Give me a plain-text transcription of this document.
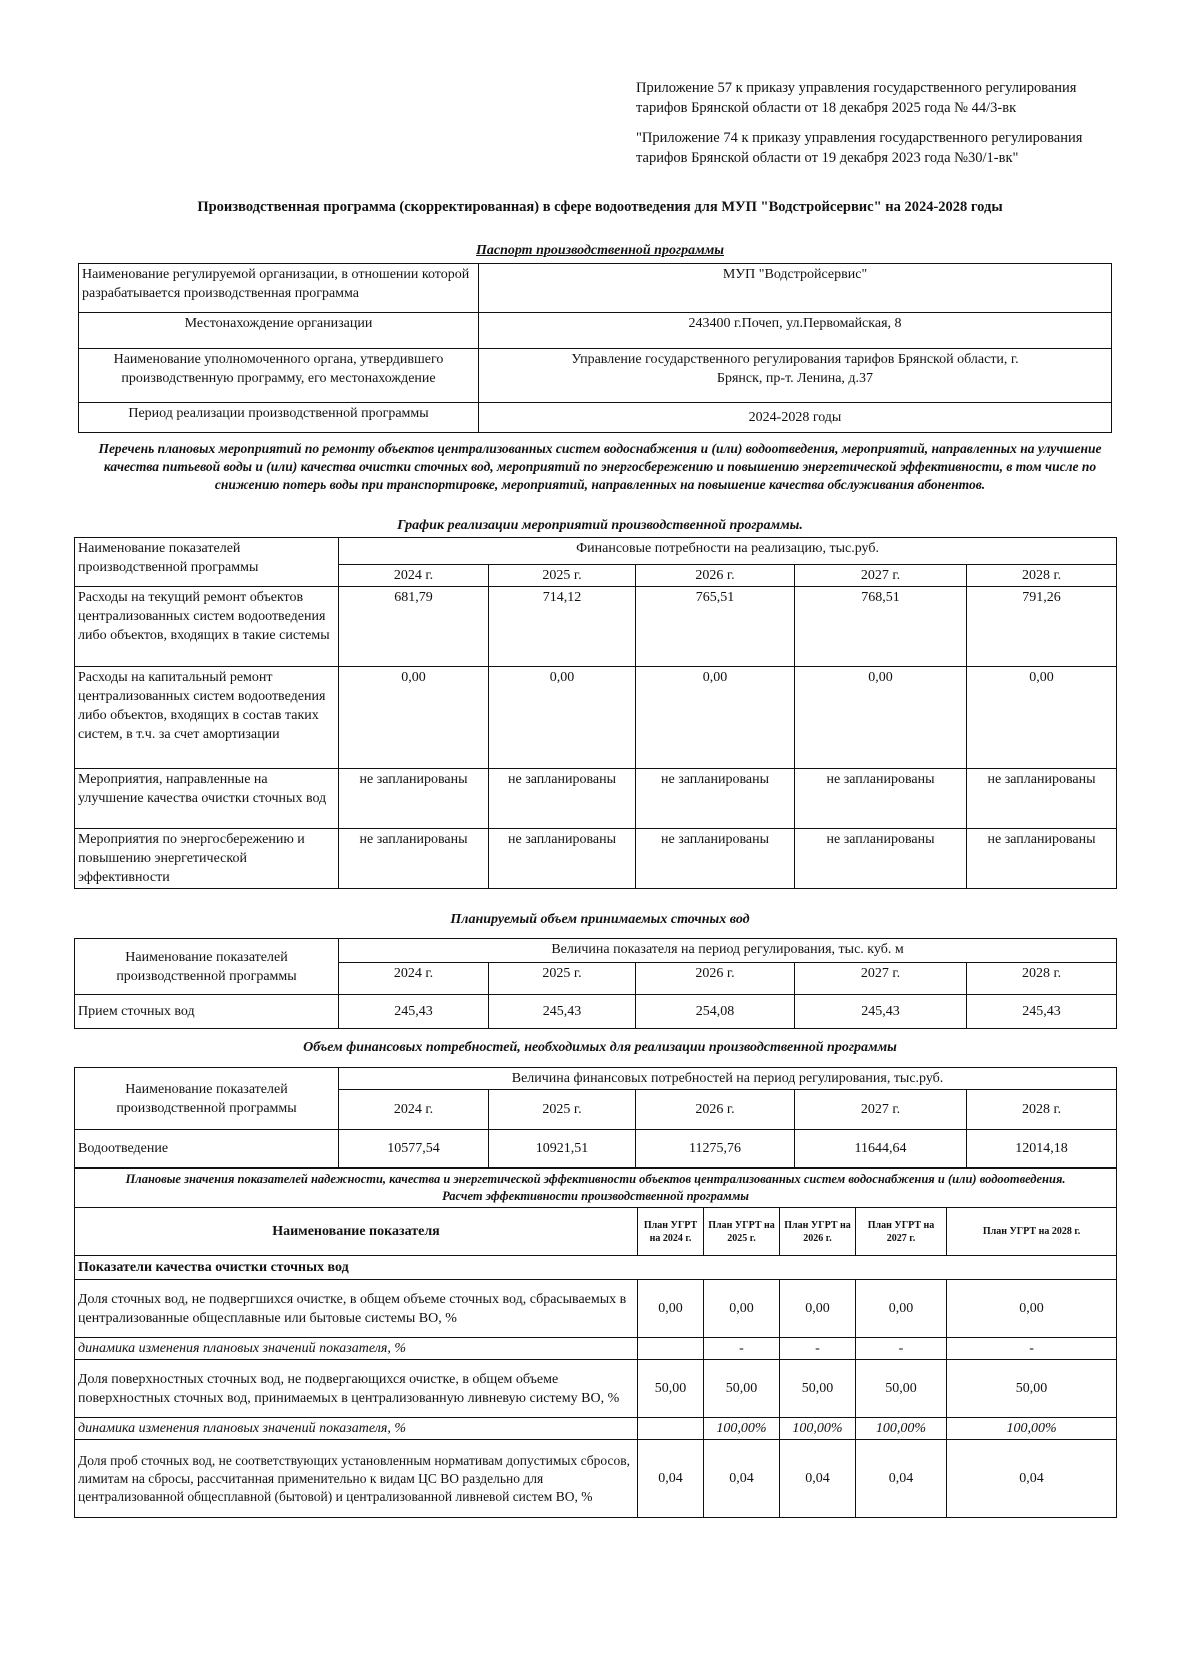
Приложение 57 к приказу управления государственного регулирования тарифов Брянской области от 18 декабря 2025 года № 44/3-вк
"Приложение 74 к приказу управления государственного регулирования тарифов Брянской области от 19 декабря 2023 года №30/1-вк"
Производственная программа (скорректированная) в сфере водоотведения для МУП "Водстройсервис" на 2024-2028 годы
Паспорт производственной программы
Наименование регулируемой организации, в отношении которой разрабатывается производственная программа	МУП "Водстройсервис"
Местонахождение организации	243400 г.Почеп, ул.Первомайская, 8
Наименование уполномоченного органа, утвердившего производственную программу, его местонахождение	Управление государственного регулирования тарифов Брянской области, г. Брянск, пр-т. Ленина, д.37
Период реализации производственной программы	2024-2028 годы
Перечень плановых мероприятий по ремонту объектов централизованных систем водоснабжения и (или) водоотведения, мероприятий, направленных на улучшение качества питьевой воды и (или) качества очистки сточных вод, мероприятий по энергосбережению и повышению энергетической эффективности, в том числе по снижению потерь воды при транспортировке, мероприятий, направленных на повышение качества обслуживания абонентов.
График реализации мероприятий производственной программы.
Наименование показателей производственной программы	Финансовые потребности на реализацию, тыс.руб.				
	2024 г.	2025 г.	2026 г.	2027 г.	2028 г.
Расходы на текущий ремонт объектов централизованных систем водоотведения либо объектов, входящих в такие системы	681,79	714,12	765,51	768,51	791,26
Расходы на капитальный ремонт централизованных систем водоотведения либо объектов, входящих в состав таких систем, в т.ч. за счет амортизации	0,00	0,00	0,00	0,00	0,00
Мероприятия, направленные на улучшение качества очистки сточных вод	не запланированы	не запланированы	не запланированы	не запланированы	не запланированы
Мероприятия по энергосбережению и повышению энергетической эффективности	не запланированы	не запланированы	не запланированы	не запланированы	не запланированы
Планируемый объем принимаемых сточных вод
Наименование показателей производственной программы	Величина показателя на период регулирования, тыс. куб. м				
	2024 г.	2025 г.	2026 г.	2027 г.	2028 г.
Прием сточных вод	245,43	245,43	254,08	245,43	245,43
Объем финансовых потребностей, необходимых для реализации производственной программы
Наименование показателей производственной программы	Величина финансовых потребностей на период регулирования, тыс.руб.				
	2024 г.	2025 г.	2026 г.	2027 г.	2028 г.
Водоотведение	10577,54	10921,51	11275,76	11644,64	12014,18
Плановые значения показателей надежности, качества и энергетической эффективности объектов централизованных систем водоснабжения и (или) водоотведения.
Расчет эффективности производственной программы					

Наименование показателя	План УГРТ на 2024 г.	План УГРТ на 2025 г.	План УГРТ на 2026 г.	План УГРТ на 2027 г.	План УГРТ на 2028 г.
Показатели качества очистки сточных вод					
Доля сточных вод, не подвергшихся очистке, в общем объеме сточных вод, сбрасываемых в централизованные общесплавные или бытовые системы ВО, %	0,00	0,00	0,00	0,00	0,00
динамика изменения плановых значений показателя, %		-	-	-	-
Доля поверхностных сточных вод, не подвергающихся очистке, в общем объеме поверхностных сточных вод, принимаемых в централизованную ливневую систему ВО, %	50,00	50,00	50,00	50,00	50,00
динамика изменения плановых значений показателя, %		100,00%	100,00%	100,00%	100,00%
Доля проб сточных вод, не соответствующих установленным нормативам допустимых сбросов, лимитам на сбросы, рассчитанная применительно к видам ЦС ВО раздельно для централизованной общесплавной (бытовой) и централизованной ливневой систем ВО, %	0,04	0,04	0,04	0,04	0,04
